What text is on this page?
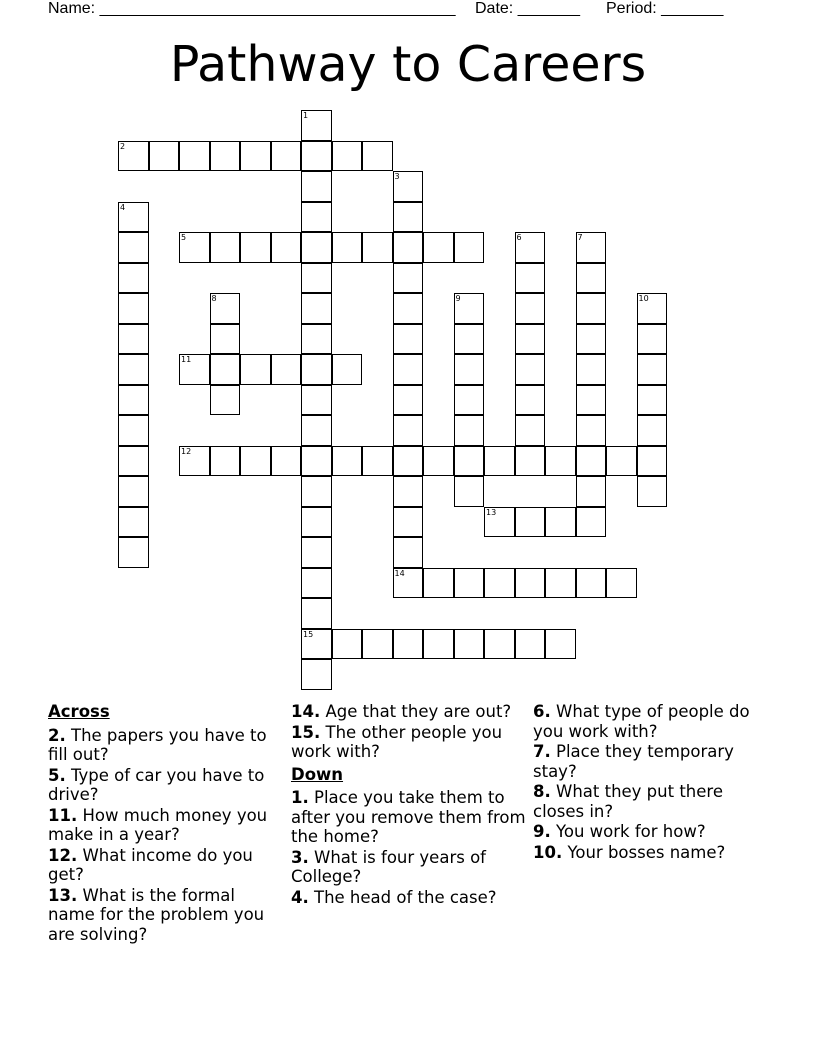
Name: ________________________________________ Date: _______ Period: _______
Pathway to Careers
1
15
2
3
14
4
5	6	7
8	9	10
11
12
13
Across
2. The papers you have to fill out?
5. Type of car you have to drive?
11. How much money you make in a year?
12. What income do you get?
13. What is the formal name for the problem you are solving?
14. Age that they are out?
15. The other people you work with?
Down
1. Place you take them to after you remove them from the home?
3. What is four years of College?
4. The head of the case?
6. What type of people do you work with?
7. Place they temporary stay?
8. What they put there closes in?
9. You work for how?
10. Your bosses name?
